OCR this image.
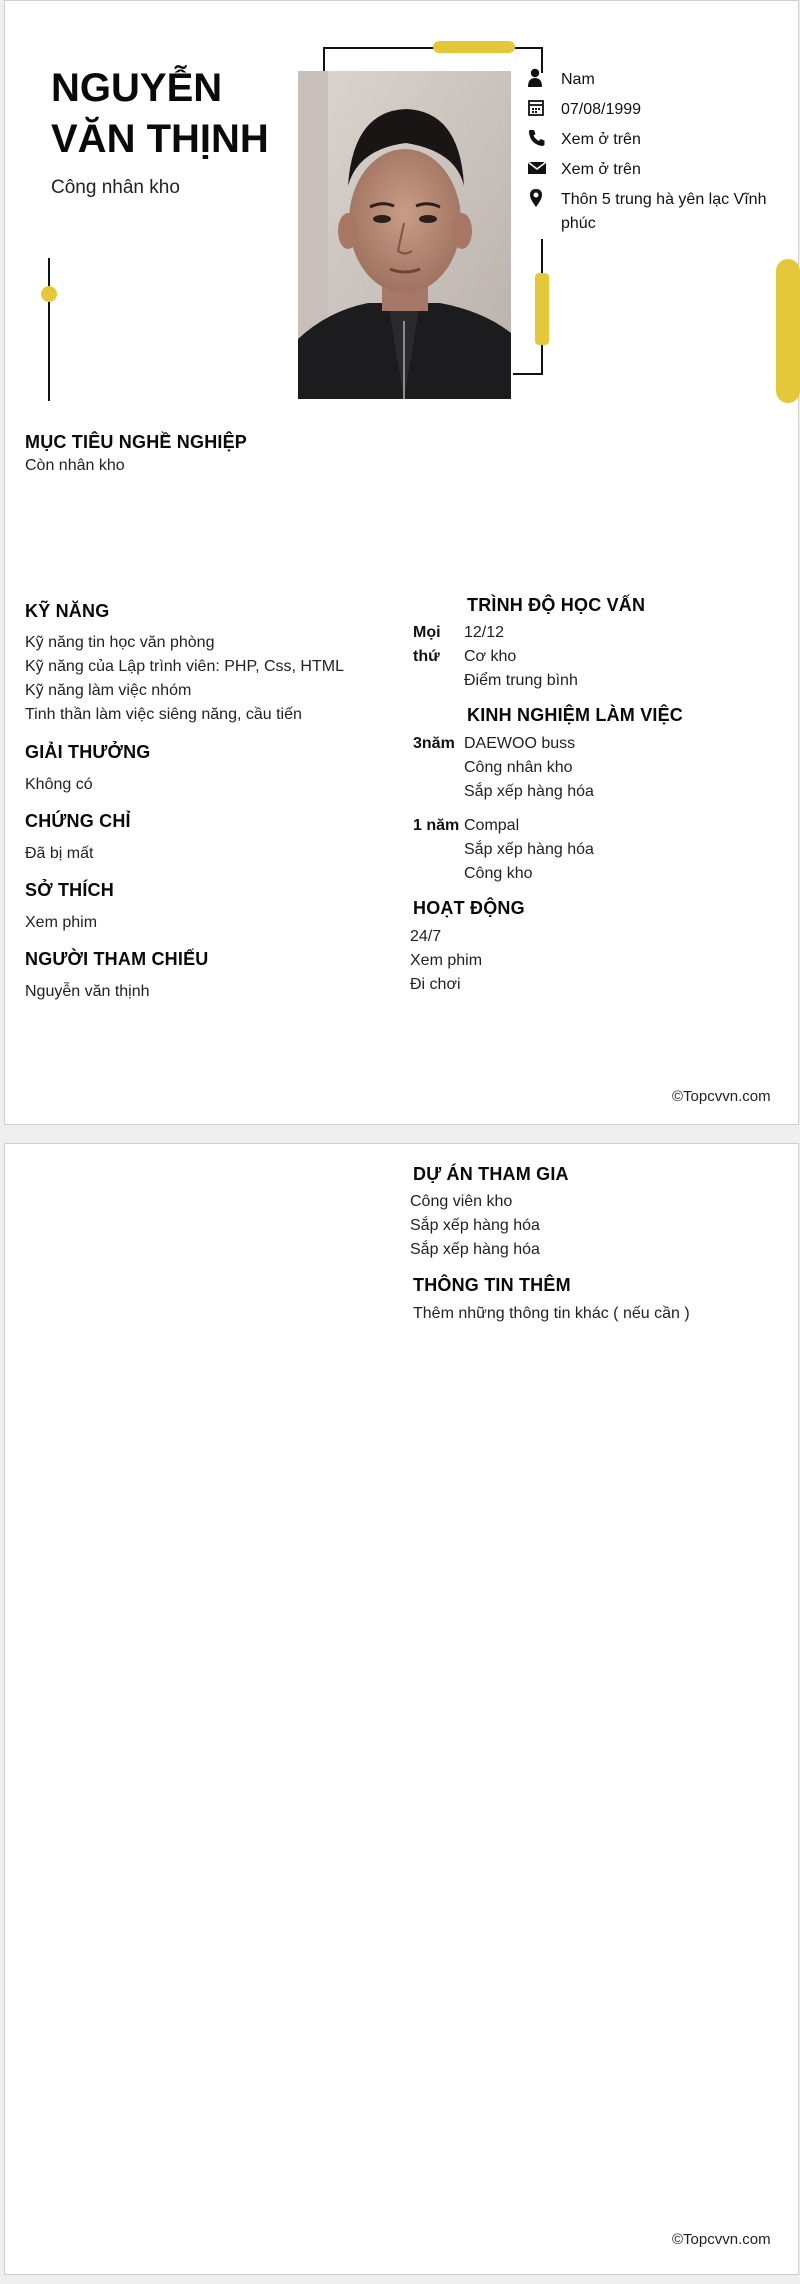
NGUYỄN
VĂN THỊNH
Công nhân kho
Nam
07/08/1999
Xem ở trên
Xem ở trên
Thôn 5 trung hà yên lạc Vĩnh phúc
MỤC TIÊU NGHỀ NGHIỆP
Còn nhân kho
KỸ NĂNG
Kỹ năng tin học văn phòng
Kỹ năng của Lập trình viên: PHP, Css, HTML
Kỹ năng làm việc nhóm
Tinh thần làm việc siêng năng, cầu tiến
GIẢI THƯỞNG
Không có
CHỨNG CHỈ
Đã bị mất
SỞ THÍCH
Xem phim
NGƯỜI THAM CHIẾU
Nguyễn văn thịnh
TRÌNH ĐỘ HỌC VẤN
Mọi thứ
12/12
Cơ kho
Điểm trung bình
KINH NGHIỆM LÀM VIỆC
3năm DAEWOO buss
Công nhân kho
Sắp xếp hàng hóa
1 năm Compal
Sắp xếp hàng hóa
Công kho
HOẠT ĐỘNG
24/7
Xem phim
Đi chơi
©Topcvvn.com
DỰ ÁN THAM GIA
Công viên kho
Sắp xếp hàng hóa
Sắp xếp hàng hóa
THÔNG TIN THÊM
Thêm những thông tin khác ( nếu cần )
©Topcvvn.com
